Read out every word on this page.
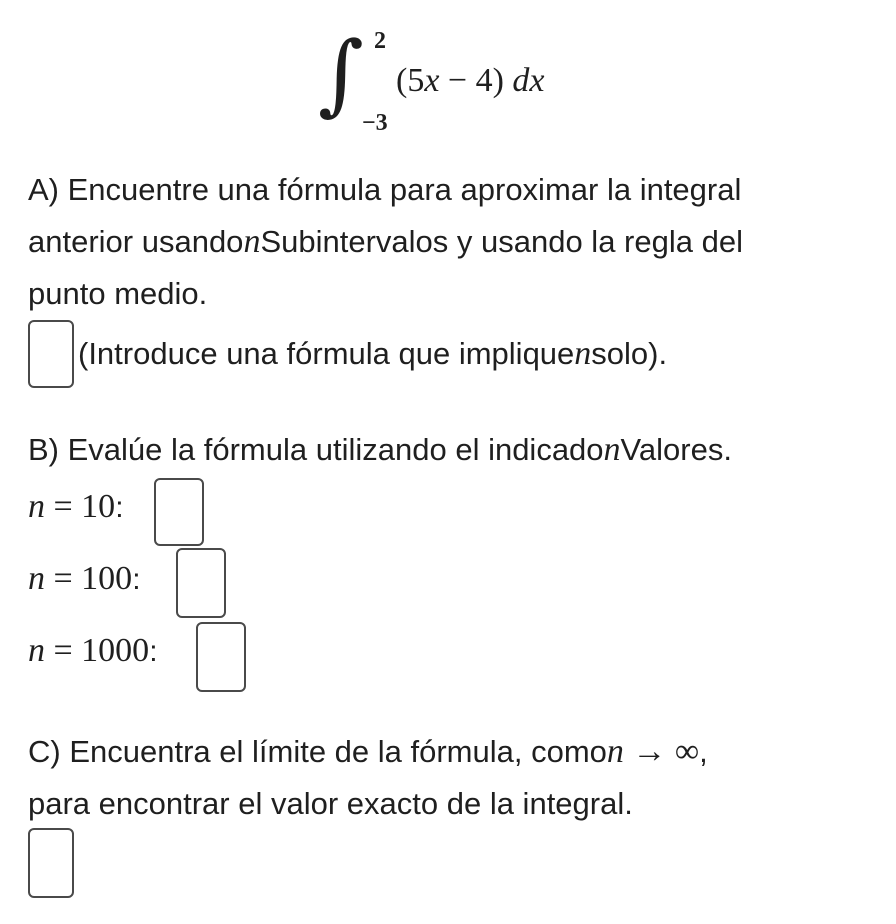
∫ 2
−3
(5x − 4) dx
A) Encuentre una fórmula para aproximar la integral
anterior usandonSubintervalos y usando la regla del
punto medio.
(Introduce una fórmula que impliquensolo).
B) Evalúe la fórmula utilizando el indicadonValores.
n = 10:
n = 100:
n = 1000:
C) Encuentra el límite de la fórmula, comon → ∞,
para encontrar el valor exacto de la integral.
